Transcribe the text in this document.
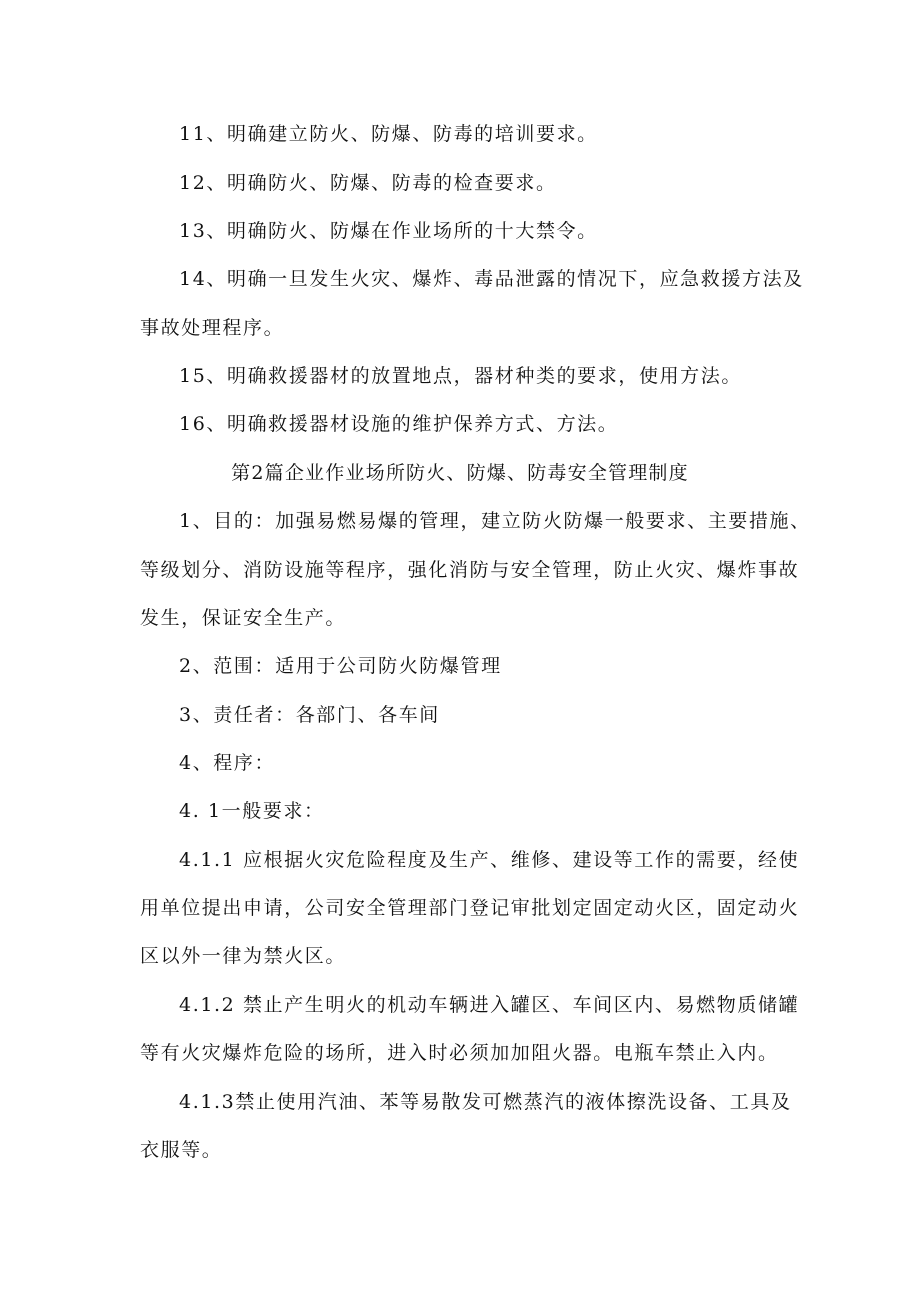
11、明确建立防火、防爆、防毒的培训要求。
12、明确防火、防爆、防毒的检查要求。
13、明确防火、防爆在作业场所的十大禁令。
14、明确一旦发生火灾、爆炸、毒品泄露的情况下，应急救援方法及
事故处理程序。
15、明确救援器材的放置地点，器材种类的要求，使用方法。
16、明确救援器材设施的维护保养方式、方法。
第2篇企业作业场所防火、防爆、防毒安全管理制度
1、目的：加强易燃易爆的管理，建立防火防爆一般要求、主要措施、
等级划分、消防设施等程序，强化消防与安全管理，防止火灾、爆炸事故
发生，保证安全生产。
2、范围：适用于公司防火防爆管理
3、责任者：各部门、各车间
4、程序：
4. 1一般要求：
4.1.1 应根据火灾危险程度及生产、维修、建设等工作的需要，经使
用单位提出申请，公司安全管理部门登记审批划定固定动火区，固定动火
区以外一律为禁火区。
4.1.2 禁止产生明火的机动车辆进入罐区、车间区内、易燃物质储罐
等有火灾爆炸危险的场所，进入时必须加加阻火器。电瓶车禁止入内。
4.1.3禁止使用汽油、苯等易散发可燃蒸汽的液体擦洗设备、工具及
衣服等。
